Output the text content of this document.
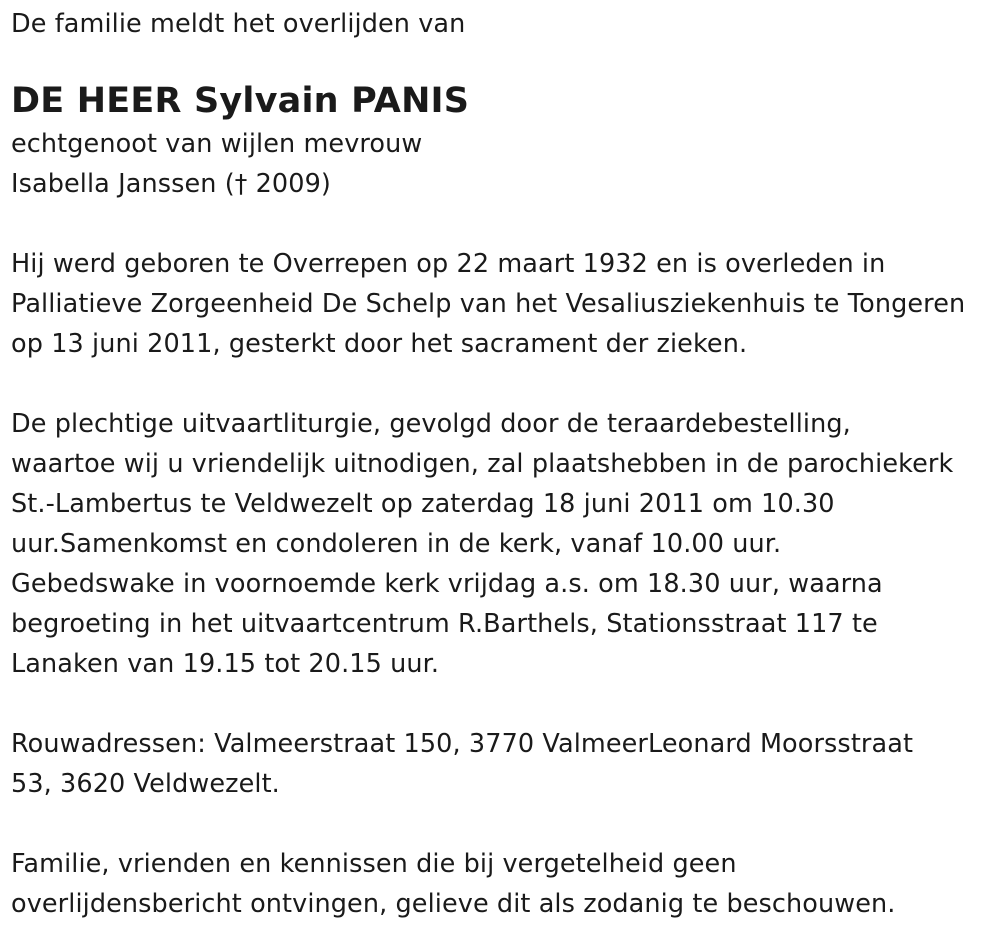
De familie meldt het overlijden van
DE HEER Sylvain PANIS
echtgenoot van wijlen mevrouw
Isabella Janssen († 2009)
Hij werd geboren te Overrepen op 22 maart 1932 en is overleden in
Palliatieve Zorgeenheid De Schelp van het Vesaliusziekenhuis te Tongeren
op 13 juni 2011, gesterkt door het sacrament der zieken.
De plechtige uitvaartliturgie, gevolgd door de teraardebestelling,
waartoe wij u vriendelijk uitnodigen, zal plaatshebben in de parochiekerk
St.-Lambertus te Veldwezelt op zaterdag 18 juni 2011 om 10.30
uur.Samenkomst en condoleren in de kerk, vanaf 10.00 uur.
Gebedswake in voornoemde kerk vrijdag a.s. om 18.30 uur, waarna
begroeting in het uitvaartcentrum R.Barthels, Stationsstraat 117 te
Lanaken van 19.15 tot 20.15 uur.
Rouwadressen: Valmeerstraat 150, 3770 ValmeerLeonard Moorsstraat
53, 3620 Veldwezelt.
Familie, vrienden en kennissen die bij vergetelheid geen
overlijdensbericht ontvingen, gelieve dit als zodanig te beschouwen.
